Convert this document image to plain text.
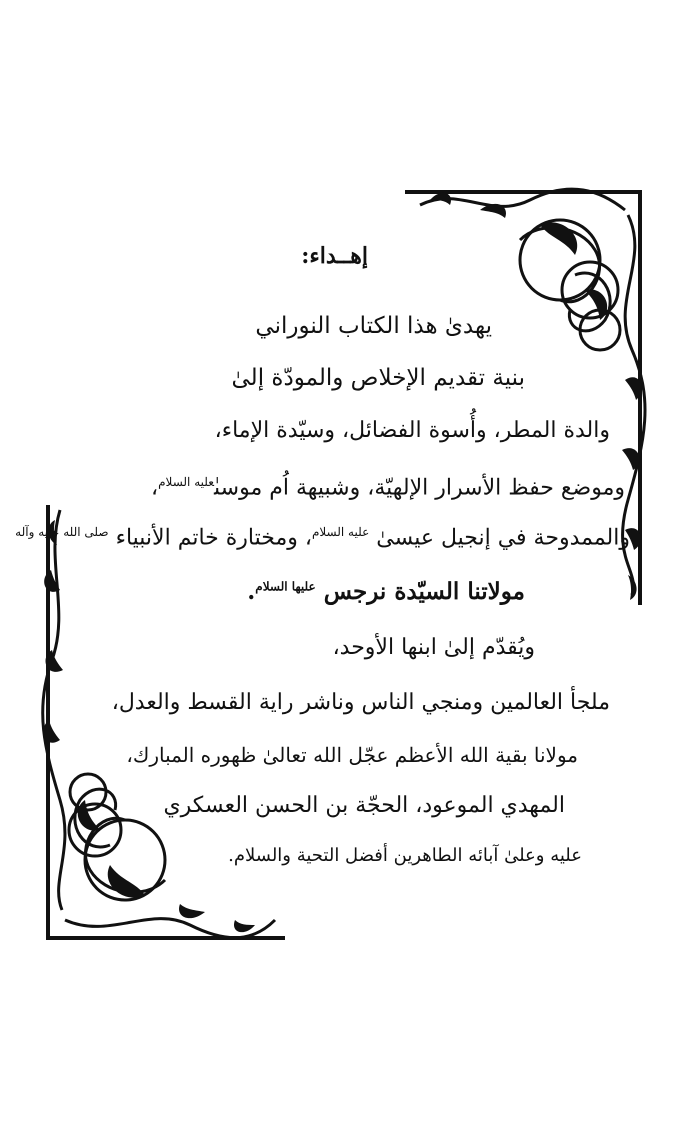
إهــداء:
يهدىٰ هذا الكتاب النوراني
بنية تقديم الإخلاص والمودّة إلىٰ
والدة المطر، وأُسوة الفضائل، وسيّدة الإماء،
وموضع حفظ الأسرار الإلهيّة، وشبيهة اُم موسىٰ$^{عليه السلام}$،
والممدوحة في إنجيل عيسىٰ $^{عليه السلام}$، ومختارة خاتم الأنبياء $^{صلى الله عليه وآله}$
مولاتنا السيّدة نرجس $^{عليها السلام}$.
ويُقدّم إلىٰ ابنها الأوحد،
ملجأ العالمين ومنجي الناس وناشر راية القسط والعدل،
مولانا بقية الله الأعظم عجّل الله تعالىٰ ظهوره المبارك،
المهدي الموعود، الحجّة بن الحسن العسكري
عليه وعلىٰ آبائه الطاهرين أفضل التحية والسلام.
